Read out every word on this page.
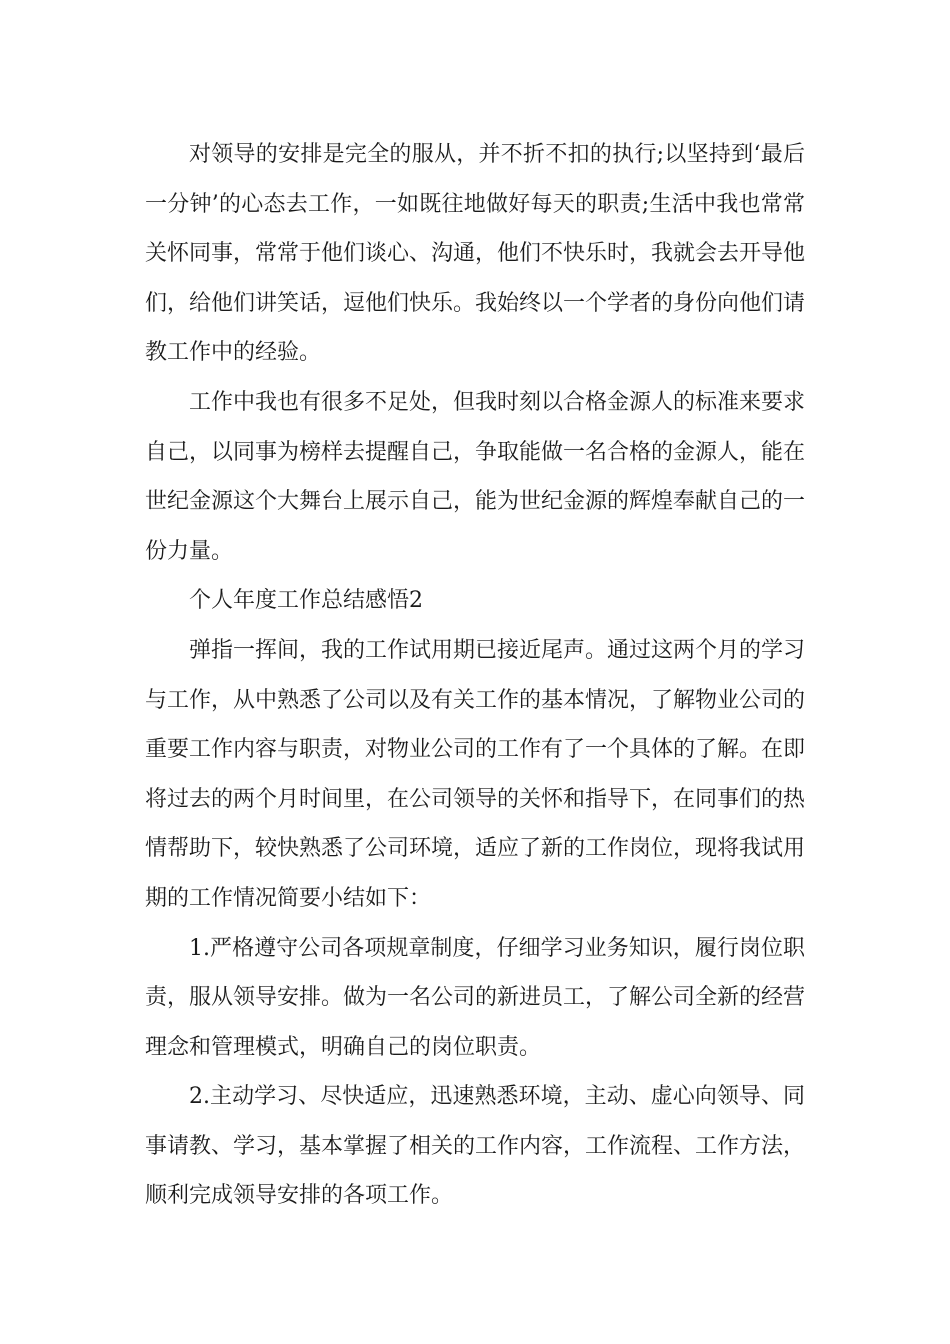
对领导的安排是完全的服从，并不折不扣的执行;以坚持到‘最后一分钟’的心态去工作，一如既往地做好每天的职责;生活中我也常常关怀同事，常常于他们谈心、沟通，他们不快乐时，我就会去开导他们，给他们讲笑话，逗他们快乐。我始终以一个学者的身份向他们请教工作中的经验。

工作中我也有很多不足处，但我时刻以合格金源人的标准来要求自己，以同事为榜样去提醒自己，争取能做一名合格的金源人，能在世纪金源这个大舞台上展示自己，能为世纪金源的辉煌奉献自己的一份力量。

个人年度工作总结感悟2

弹指一挥间，我的工作试用期已接近尾声。通过这两个月的学习与工作，从中熟悉了公司以及有关工作的基本情况，了解物业公司的重要工作内容与职责，对物业公司的工作有了一个具体的了解。在即将过去的两个月时间里，在公司领导的关怀和指导下，在同事们的热情帮助下，较快熟悉了公司环境，适应了新的工作岗位，现将我试用期的工作情况简要小结如下：

1.严格遵守公司各项规章制度，仔细学习业务知识，履行岗位职责，服从领导安排。做为一名公司的新进员工，了解公司全新的经营理念和管理模式，明确自己的岗位职责。

2.主动学习、尽快适应，迅速熟悉环境，主动、虚心向领导、同事请教、学习，基本掌握了相关的工作内容，工作流程、工作方法，顺利完成领导安排的各项工作。
